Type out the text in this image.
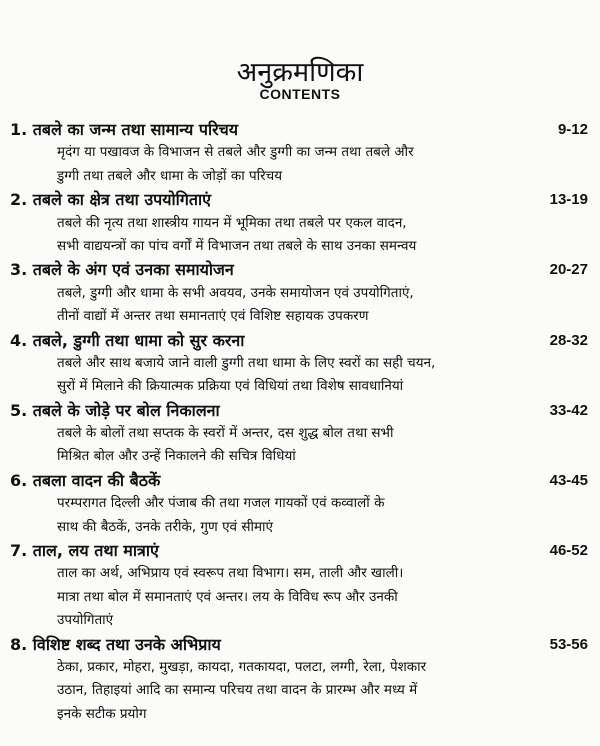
अनुक्रमणिका
CONTENTS
1. तबले का जन्म तथा सामान्य परिचय	9-12
मृदंग या पखावज के विभाजन से तबले और डुग्गी का जन्म तथा तबले और
डुग्गी तथा तबले और धामा के जोड़ों का परिचय
2. तबले का क्षेत्र तथा उपयोगिताएं	13-19
तबले की नृत्य तथा शास्त्रीय गायन में भूमिका तथा तबले पर एकल वादन,
सभी वाद्ययन्त्रों का पांच वर्गों में विभाजन तथा तबले के साथ उनका समन्वय
3. तबले के अंग एवं उनका समायोजन	20-27
तबले, डुग्गी और धामा के सभी अवयव, उनके समायोजन एवं उपयोगिताएं,
तीनों वाद्यों में अन्तर तथा समानताएं एवं विशिष्ट सहायक उपकरण
4. तबले, डुग्गी तथा धामा को सुर करना	28-32
तबले और साथ बजाये जाने वाली डुग्गी तथा धामा के लिए स्वरों का सही चयन,
सुरों में मिलाने की क्रियात्मक प्रक्रिया एवं विधियां तथा विशेष सावधानियां
5. तबले के जोड़े पर बोल निकालना	33-42
तबले के बोलों तथा सप्तक के स्वरों में अन्तर, दस शुद्ध बोल तथा सभी
मिश्रित बोल और उन्हें निकालने की सचित्र विधियां
6. तबला वादन की बैठकें	43-45
परम्परागत दिल्ली और पंजाब की तथा गजल गायकों एवं कव्वालों के
साथ की बैठकें, उनके तरीके, गुण एवं सीमाएं
7. ताल, लय तथा मात्राएं	46-52
ताल का अर्थ, अभिप्राय एवं स्वरूप तथा विभाग। सम, ताली और खाली।
मात्रा तथा बोल में समानताएं एवं अन्तर। लय के विविध रूप और उनकी
उपयोगिताएं
8. विशिष्ट शब्द तथा उनके अभिप्राय	53-56
ठेका, प्रकार, मोहरा, मुखड़ा, कायदा, गतकायदा, पलटा, लग्गी, रेला, पेशकार
उठान, तिहाइयां आदि का समान्य परिचय तथा वादन के प्रारम्भ और मध्य में
इनके सटीक प्रयोग
